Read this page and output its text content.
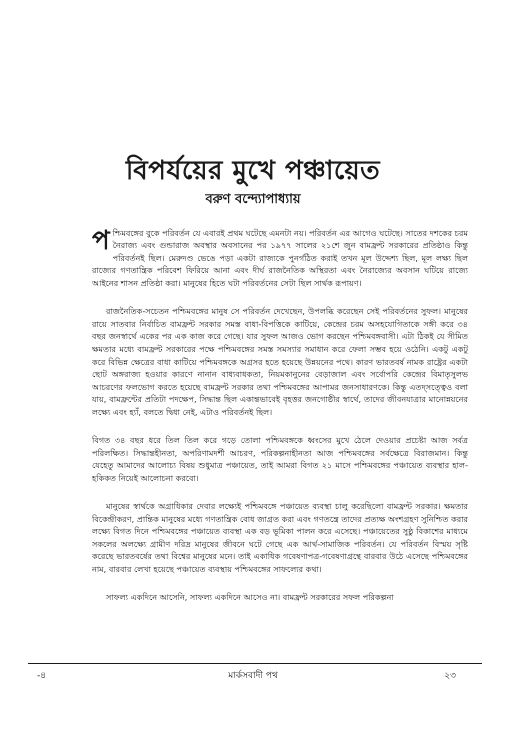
বিপর্যয়ের মুখে পঞ্চায়েত
বরুণ বন্দ্যোপাধ্যায়

পশ্চিমবঙ্গের বুকে পরিবর্তন যে এবারই প্রথম ঘটেছে এমনটা নয়। পরিবর্তন এর আগেও ঘটেছে। সাতের দশকের চরম নৈরাজ্য এবং গুন্ডারাজ অবস্থার অবসানের পর ১৯৭৭ সালের ২১শে জুন বামফ্রন্ট সরকারের প্রতিষ্ঠাও কিন্তু পরিবর্তনই ছিল। মেরুদণ্ড ভেঙে পড়া একটা রাজ্যকে পুনর্গঠিত করাই তখন মূল উদ্দেশ্য ছিল, মূল লক্ষ্য ছিল রাজ্যের গণতান্ত্রিক পরিবেশ ফিরিয়ে আনা এবং দীর্ঘ রাজনৈতিক অস্থিরতা এবং নৈরাজ্যের অবসান ঘটিয়ে রাজ্যে আইনের শাসন প্রতিষ্ঠা করা। মানুষের হিতে ঘটা পরিবর্তনের সেটা ছিল সার্থক রূপায়ণ।

রাজনৈতিক-সচেতন পশ্চিমবঙ্গের মানুষ সে পরিবর্তন দেখেছেন, উপলব্ধি করেছেন সেই পরিবর্তনের সুফল। মানুষের রায়ে সাতবার নির্বাচিত বামফ্রন্ট সরকার সমস্ত বাধা-বিপত্তিকে কাটিয়ে, কেন্দ্রের চরম অসহযোগিতাকে সঙ্গী করে ৩৪ বছর জনস্বার্থে একের পর এক কাজ করে গেছে। যার সুফল আজও ভোগ করছেন পশ্চিমবঙ্গবাসী। এটা ঠিকই যে সীমিত ক্ষমতার মধ্যে বামফ্রন্ট সরকারের পক্ষে পশ্চিমবঙ্গের সমস্ত সমস্যার সমাধান করে ফেলা সম্ভব হয়ে ওঠেনি। একটু একটু করে বিভিন্ন ক্ষেত্রের বাধা কাটিয়ে পশ্চিমবঙ্গকে অগ্রসর হতে হয়েছে উন্নয়নের পথে। কারণ ভারতবর্ষ নামক রাষ্ট্রের একটা ছোট অঙ্গরাজ্য হওয়ার কারণে নানান বাধ্যবাধকতা, নিয়মকানুনের বেড়াজাল এবং সর্বোপরি কেন্দ্রের বিমাতৃসুলভ আচরণের ফলভোগ করতে হয়েছে বামফ্রন্ট সরকার তথা পশ্চিমবঙ্গের আপামর জনসাধারণকে। কিন্তু এতদ্সত্ত্বেও বলা যায়, বামফ্রন্টের প্রতিটা পদক্ষেপ, সিদ্ধান্ত ছিল একান্তভাবেই বৃহত্তর জনগোষ্ঠীর স্বার্থে, তাদের জীবনযাত্রার মানোন্নয়নের লক্ষ্যে এবং হ্যাঁ, বলতে দ্বিধা নেই, এটাও পরিবর্তনই ছিল।

বিগত ৩৪ বছর ধরে তিল তিল করে গড়ে তোলা পশ্চিমবঙ্গকে ধ্বংসের মুখে ঠেলে দেওয়ার প্রচেষ্টা আজ সর্বত্র পরিলক্ষিত। সিদ্ধান্তহীনতা, অপরিণামদর্শী আচরণ, পরিকল্পনাহীনতা আজ পশ্চিমবঙ্গের সর্বক্ষেত্রে বিরাজমান। কিন্তু যেহেতু আমাদের আলোচ্য বিষয় শুধুমাত্র পঞ্চায়েত, তাই আমরা বিগত ২১ মাসে পশ্চিমবঙ্গের পঞ্চায়েত ব্যবস্থার হাল-হকিকত নিয়েই আলোচনা করবো।

মানুষের স্বার্থকে অগ্রাধিকার দেবার লক্ষ্যেই পশ্চিমবঙ্গে পঞ্চায়েত ব্যবস্থা চালু করেছিলো বামফ্রন্ট সরকার। ক্ষমতার বিকেন্দ্রীকরণ, প্রান্তিক মানুষের মধ্যে গণতান্ত্রিক বোধ জাগ্রত করা এবং গণতন্ত্রে তাদের প্রত্যক্ষ অংশগ্রহণ সুনিশ্চিত করার লক্ষ্যে বিগত দিনে পশ্চিমবঙ্গের পঞ্চায়েত ব্যবস্থা এক বড় ভূমিকা পালন করে এসেছে। পঞ্চায়েতের সুষ্ঠু বিকাশের মাধ্যমে সকলের অলক্ষ্যে গ্রামীণ দরিদ্র মানুষের জীবনে ঘটে গেছে এক আর্থ-সামাজিক পরিবর্তন। যে পরিবর্তন বিস্ময় সৃষ্টি করেছে ভারতবর্ষের তথা বিশ্বের মানুষের মনে। তাই একাধিক গবেষণাপত্র-গবেষণাগ্রন্থে বারবার উঠে এসেছে পশ্চিমবঙ্গের নাম, বারবার লেখা হয়েছে পঞ্চায়েত ব্যবস্থায় পশ্চিমবঙ্গের সাফল্যের কথা।

সাফল্য একদিনে আসেনি, সাফল্য একদিনে আসেও না। বামফ্রন্ট সরকারের সফল পরিকল্পনা

-৪	মার্কসবাদী পথ	২৩
